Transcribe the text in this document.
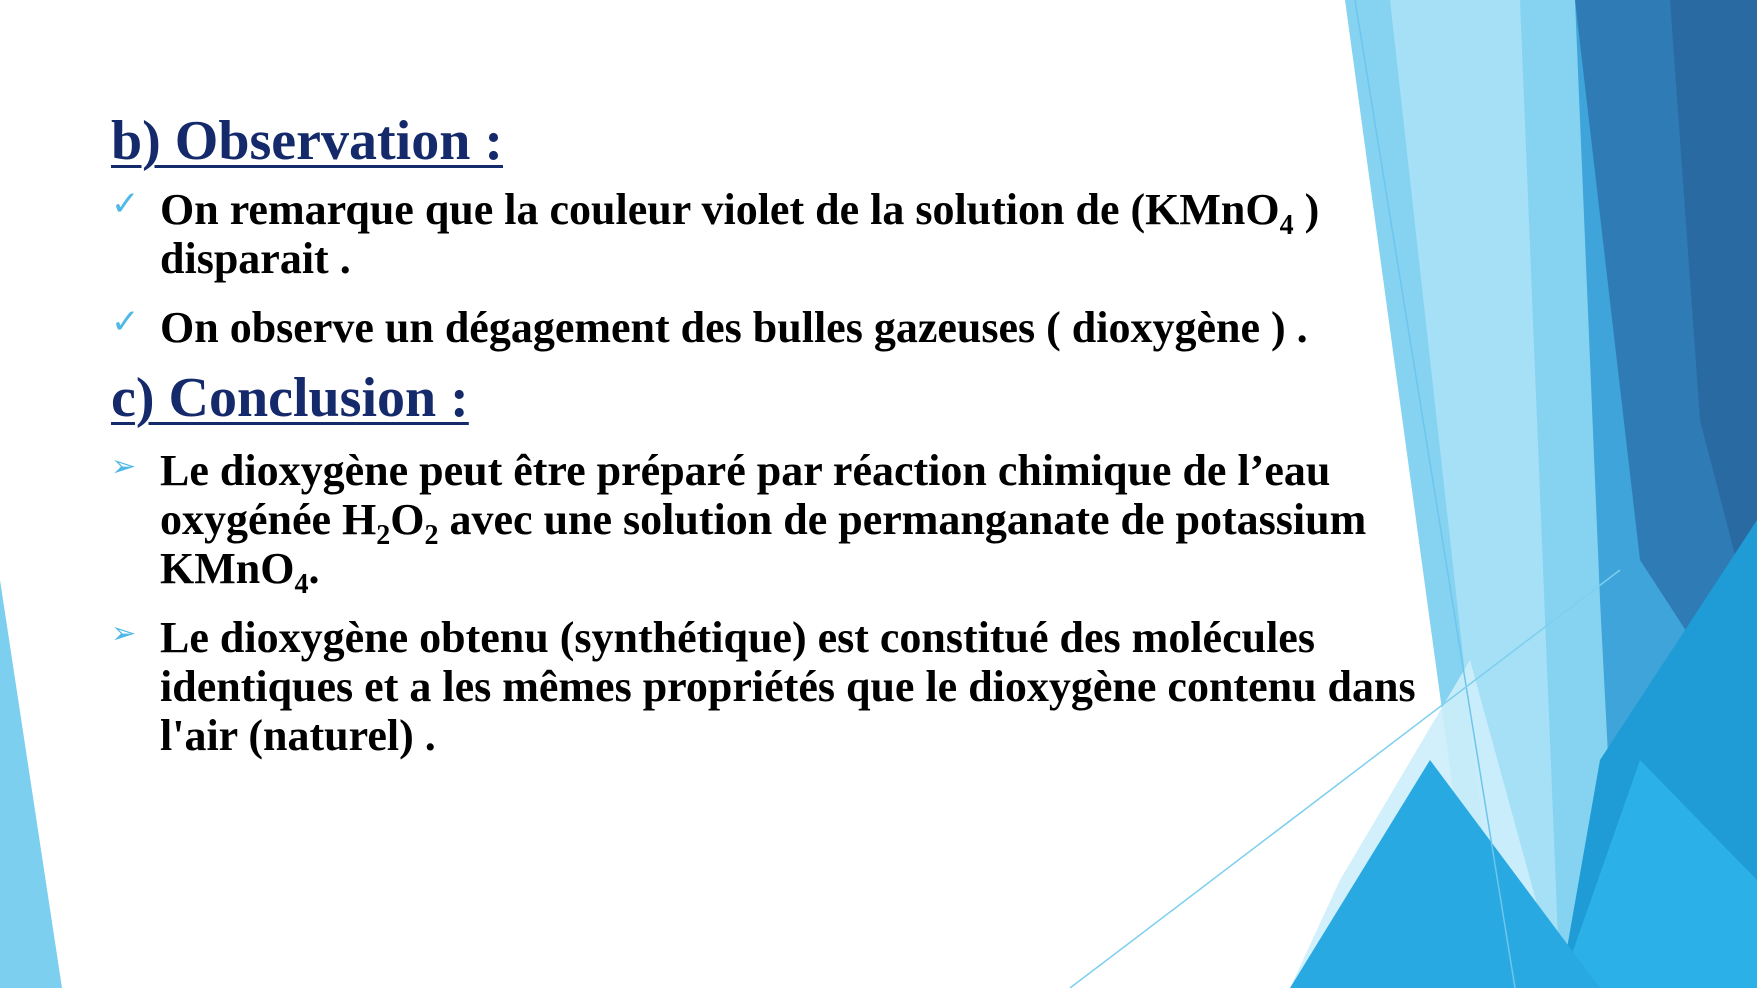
b) Observation :
✓ On remarque que la couleur violet de la solution de (KMnO$_4$ )
disparait .
✓ On observe un dégagement des bulles gazeuses ( dioxygène ) .
c) Conclusion :
➢ Le dioxygène peut être préparé par réaction chimique de l’eau
oxygénée $H_2O_2$ avec une solution de permanganate de potassium
KMnO$_4$.
➢ Le dioxygène obtenu (synthétique) est constitué des molécules
identiques et a les mêmes propriétés que le dioxygène contenu dans
l'air (naturel) .
